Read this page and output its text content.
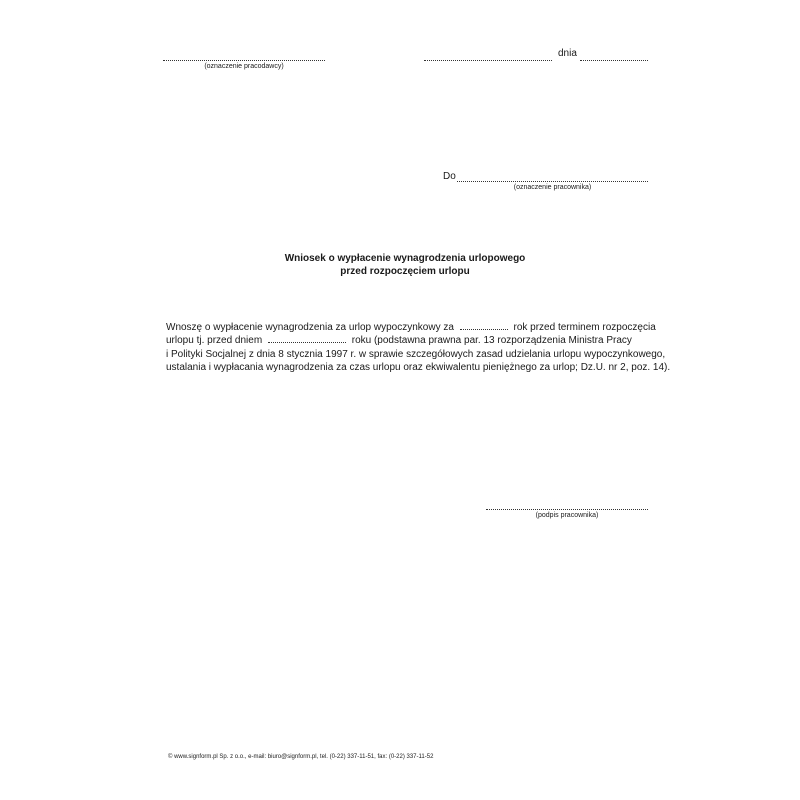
(oznaczenie pracodawcy)
dnia
Do
(oznaczenie pracownika)
Wniosek o wypłacenie wynagrodzenia urlopowego
przed rozpoczęciem urlopu
Wnoszę o wypłacenie wynagrodzenia za urlop wypoczynkowy za	rok przed terminem rozpoczęcia
urlopu tj. przed dniem	roku (podstawna prawna par. 13 rozporządzenia Ministra Pracy
i Polityki Socjalnej z dnia 8 stycznia 1997 r. w sprawie szczegółowych zasad udzielania urlopu wypoczynkowego,
ustalania i wypłacania wynagrodzenia za czas urlopu oraz ekwiwalentu pieniężnego za urlop; Dz.U. nr 2, poz. 14).
(podpis pracownika)
© www.signform.pl Sp. z o.o., e-mail: biuro@signform.pl, tel. (0-22) 337-11-51, fax: (0-22) 337-11-52
